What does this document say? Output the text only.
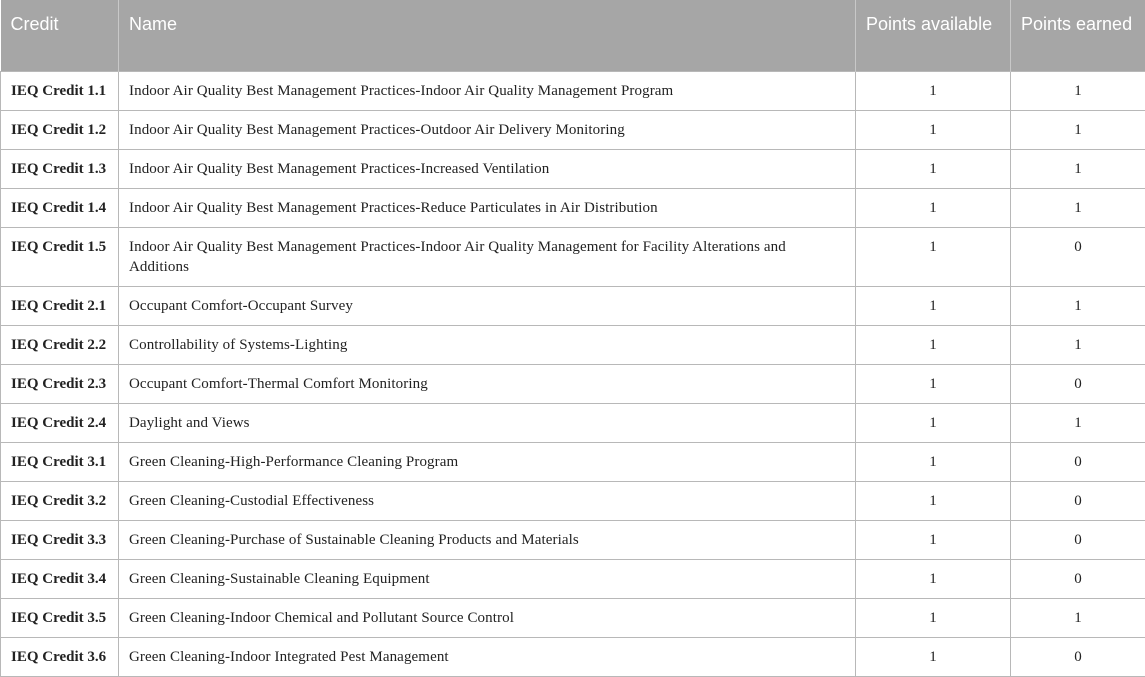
Credit	Name	Points available	Points earned
IEQ Credit 1.1	Indoor Air Quality Best Management Practices-Indoor Air Quality Management Program	1	1
IEQ Credit 1.2	Indoor Air Quality Best Management Practices-Outdoor Air Delivery Monitoring	1	1
IEQ Credit 1.3	Indoor Air Quality Best Management Practices-Increased Ventilation	1	1
IEQ Credit 1.4	Indoor Air Quality Best Management Practices-Reduce Particulates in Air Distribution	1	1
IEQ Credit 1.5	Indoor Air Quality Best Management Practices-Indoor Air Quality Management for Facility Alterations and Additions	1	0
IEQ Credit 2.1	Occupant Comfort-Occupant Survey	1	1
IEQ Credit 2.2	Controllability of Systems-Lighting	1	1
IEQ Credit 2.3	Occupant Comfort-Thermal Comfort Monitoring	1	0
IEQ Credit 2.4	Daylight and Views	1	1
IEQ Credit 3.1	Green Cleaning-High-Performance Cleaning Program	1	0
IEQ Credit 3.2	Green Cleaning-Custodial Effectiveness	1	0
IEQ Credit 3.3	Green Cleaning-Purchase of Sustainable Cleaning Products and Materials	1	0
IEQ Credit 3.4	Green Cleaning-Sustainable Cleaning Equipment	1	0
IEQ Credit 3.5	Green Cleaning-Indoor Chemical and Pollutant Source Control	1	1
IEQ Credit 3.6	Green Cleaning-Indoor Integrated Pest Management	1	0
